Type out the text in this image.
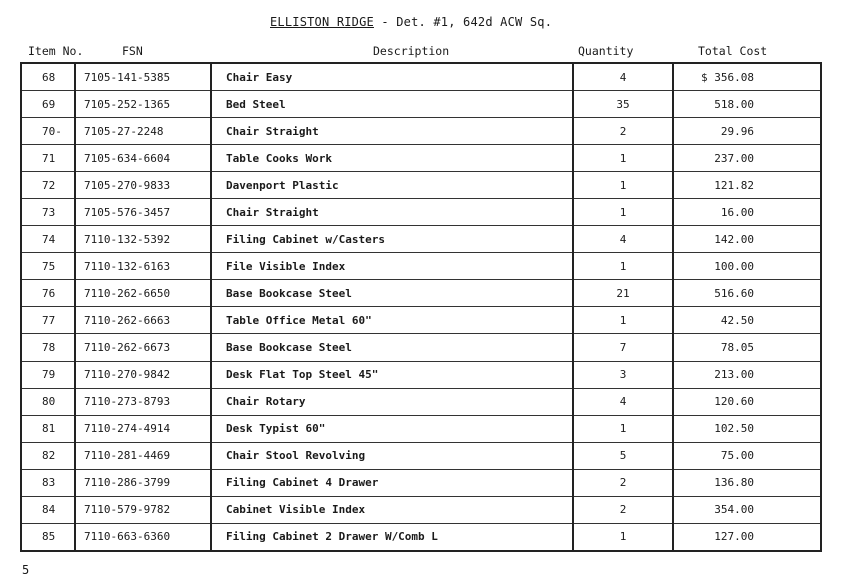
ELLISTON RIDGE - Det. #1, 642d ACW Sq.
Item No.	FSN	Description	Quantity	Total Cost
68	7105-141-5385	Chair Easy	4	$ 356.08
69	7105-252-1365	Bed Steel	35	518.00
70-	7105-27-2248	Chair Straight	2	29.96
71	7105-634-6604	Table Cooks Work	1	237.00
72	7105-270-9833	Davenport Plastic	1	121.82
73	7105-576-3457	Chair Straight	1	16.00
74	7110-132-5392	Filing Cabinet w/Casters	4	142.00
75	7110-132-6163	File Visible Index	1	100.00
76	7110-262-6650	Base Bookcase Steel	21	516.60
77	7110-262-6663	Table Office Metal 60"	1	42.50
78	7110-262-6673	Base Bookcase Steel	7	78.05
79	7110-270-9842	Desk Flat Top Steel 45"	3	213.00
80	7110-273-8793	Chair Rotary	4	120.60
81	7110-274-4914	Desk Typist 60"	1	102.50
82	7110-281-4469	Chair Stool Revolving	5	75.00
83	7110-286-3799	Filing Cabinet 4 Drawer	2	136.80
84	7110-579-9782	Cabinet Visible Index	2	354.00
85	7110-663-6360	Filing Cabinet 2 Drawer W/Comb L	1	127.00
5
